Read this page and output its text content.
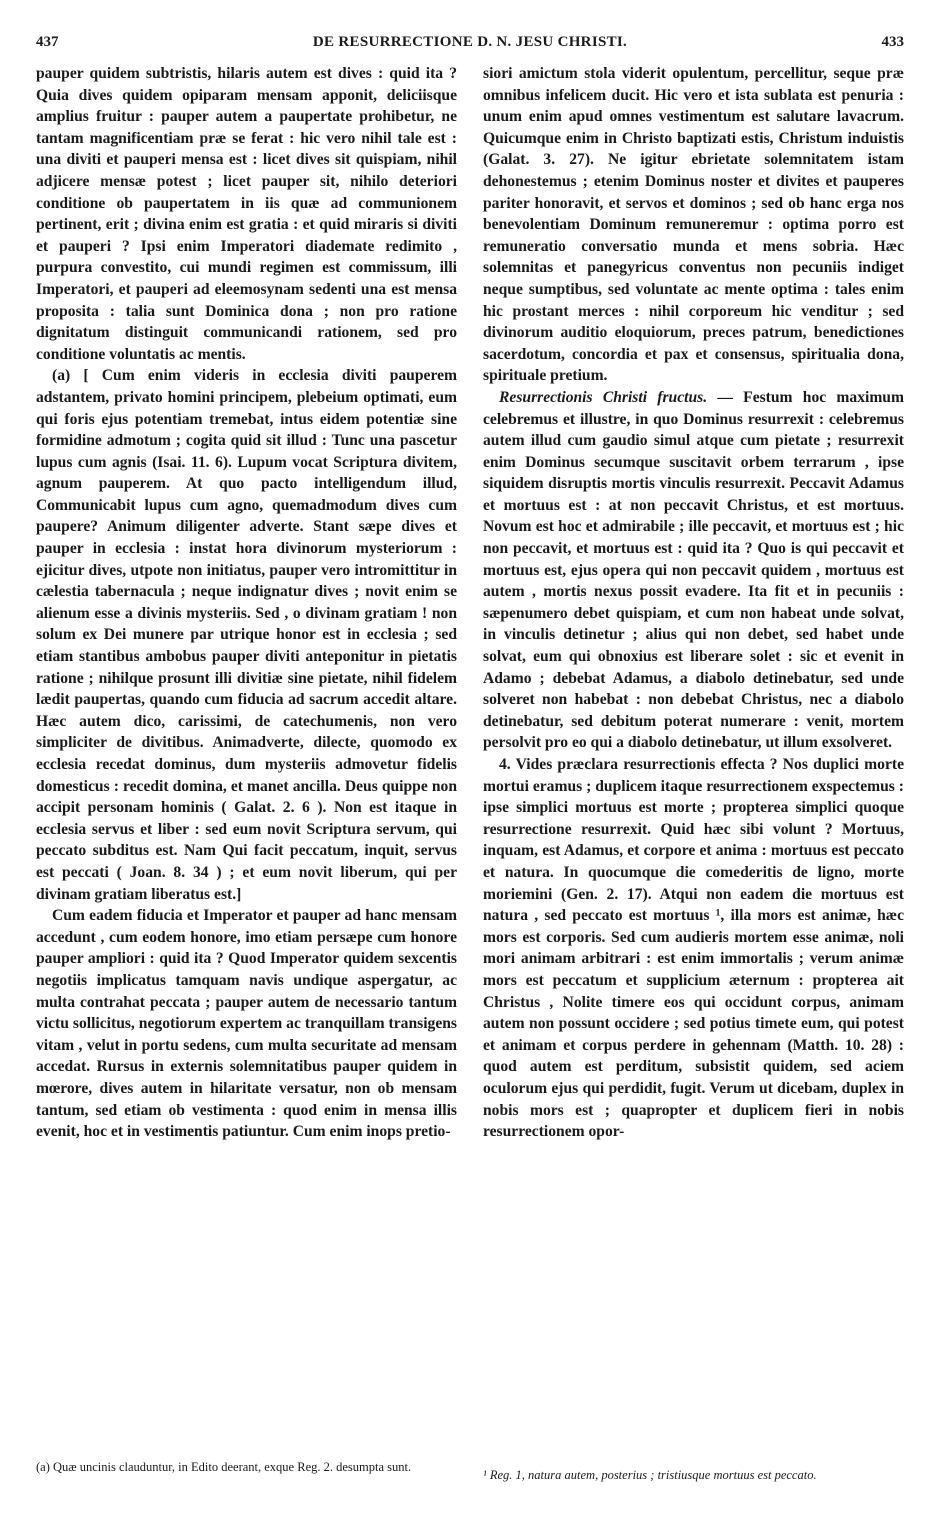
437	DE RESURRECTIONE D. N. JESU CHRISTI.	433

pauper quidem subtristis, hilaris autem est dives : quid ita ? Quia dives quidem opiparam mensam apponit, deliciisque amplius fruitur : pauper autem a paupertate prohibetur, ne tantam magnificentiam præ se ferat : hic vero nihil tale est : una diviti et pauperi mensa est : licet dives sit quispiam, nihil adjicere mensæ potest ; licet pauper sit, nihilo deteriori conditione ob paupertatem in iis quæ ad communionem pertinent, erit ; divina enim est gratia : et quid miraris si diviti et pauperi ? Ipsi enim Imperatori diademate redimito , purpura convestito, cui mundi regimen est commissum, illi Imperatori, et pauperi ad eleemosynam sedenti una est mensa proposita : talia sunt Dominica dona ; non pro ratione dignitatum distinguit communicandi rationem, sed pro conditione voluntatis ac mentis.

(a) [ Cum enim videris in ecclesia diviti pauperem adstantem, privato homini principem, plebeium optimati, eum qui foris ejus potentiam tremebat, intus eidem potentiæ sine formidine admotum ; cogita quid sit illud : Tunc una pascetur lupus cum agnis (Isai. 11. 6). Lupum vocat Scriptura divitem, agnum pauperem. At quo pacto intelligendum illud, Communicabit lupus cum agno, quemadmodum dives cum paupere? Animum diligenter adverte. Stant sæpe dives et pauper in ecclesia : instat hora divinorum mysteriorum : ejicitur dives, utpote non initiatus, pauper vero intromittitur in cælestia tabernacula ; neque indignatur dives ; novit enim se alienum esse a divinis mysteriis. Sed , o divinam gratiam ! non solum ex Dei munere par utrique honor est in ecclesia ; sed etiam stantibus ambobus pauper diviti anteponitur in pietatis ratione ; nihilque prosunt illi divitiæ sine pietate, nihil fidelem lædit paupertas, quando cum fiducia ad sacrum accedit altare. Hæc autem dico, carissimi, de catechumenis, non vero simpliciter de divitibus. Animadverte, dilecte, quomodo ex ecclesia recedat dominus, dum mysteriis admovetur fidelis domesticus : recedit domina, et manet ancilla. Deus quippe non accipit personam hominis ( Galat. 2. 6 ). Non est itaque in ecclesia servus et liber : sed eum novit Scriptura servum, qui peccato subditus est. Nam Qui facit peccatum, inquit, servus est peccati ( Joan. 8. 34 ) ; et eum novit liberum, qui per divinam gratiam liberatus est.]

Cum eadem fiducia et Imperator et pauper ad hanc mensam accedunt , cum eodem honore, imo etiam persæpe cum honore pauper ampliori : quid ita ? Quod Imperator quidem sexcentis negotiis implicatus tamquam navis undique aspergatur, ac multa contrahat peccata ; pauper autem de necessario tantum victu sollicitus, negotiorum expertem ac tranquillam transigens vitam , velut in portu sedens, cum multa securitate ad mensam accedat. Rursus in externis solemnitatibus pauper quidem in mœrore, dives autem in hilaritate versatur, non ob mensam tantum, sed etiam ob vestimenta : quod enim in mensa illis evenit, hoc et in vestimentis patiuntur. Cum enim inops pretio-

siori amictum stola viderit opulentum, percellitur, seque præ omnibus infelicem ducit. Hic vero et ista sublata est penuria : unum enim apud omnes vestimentum est salutare lavacrum. Quicumque enim in Christo baptizati estis, Christum induistis (Galat. 3. 27). Ne igitur ebrietate solemnitatem istam dehonestemus ; etenim Dominus noster et divites et pauperes pariter honoravit, et servos et dominos ; sed ob hanc erga nos benevolentiam Dominum remuneremur : optima porro est remuneratio conversatio munda et mens sobria. Hæc solemnitas et panegyricus conventus non pecuniis indiget neque sumptibus, sed voluntate ac mente optima : tales enim hic prostant merces : nihil corporeum hic venditur ; sed divinorum auditio eloquiorum, preces patrum, benedictiones sacerdotum, concordia et pax et consensus, spiritualia dona, spirituale pretium.

Resurrectionis Christi fructus. — Festum hoc maximum celebremus et illustre, in quo Dominus resurrexit : celebremus autem illud cum gaudio simul atque cum pietate ; resurrexit enim Dominus secumque suscitavit orbem terrarum , ipse siquidem disruptis mortis vinculis resurrexit. Peccavit Adamus et mortuus est : at non peccavit Christus, et est mortuus. Novum est hoc et admirabile ; ille peccavit, et mortuus est ; hic non peccavit, et mortuus est : quid ita ? Quo is qui peccavit et mortuus est, ejus opera qui non peccavit quidem , mortuus est autem , mortis nexus possit evadere. Ita fit et in pecuniis : sæpenumero debet quispiam, et cum non habeat unde solvat, in vinculis detinetur ; alius qui non debet, sed habet unde solvat, eum qui obnoxius est liberare solet : sic et evenit in Adamo ; debebat Adamus, a diabolo detinebatur, sed unde solveret non habebat : non debebat Christus, nec a diabolo detinebatur, sed debitum poterat numerare : venit, mortem persolvit pro eo qui a diabolo detinebatur, ut illum exsolveret.

4. Vides præclara resurrectionis effecta ? Nos duplici morte mortui eramus ; duplicem itaque resurrectionem exspectemus : ipse simplici mortuus est morte ; propterea simplici quoque resurrectione resurrexit. Quid hæc sibi volunt ? Mortuus, inquam, est Adamus, et corpore et anima : mortuus est peccato et natura. In quocumque die comederitis de ligno, morte moriemini (Gen. 2. 17). Atqui non eadem die mortuus est natura , sed peccato est mortuus ¹, illa mors est animæ, hæc mors est corporis. Sed cum audieris mortem esse animæ, noli mori animam arbitrari : est enim immortalis ; verum animæ mors est peccatum et supplicium æternum : propterea ait Christus , Nolite timere eos qui occidunt corpus, animam autem non possunt occidere ; sed potius timete eum, qui potest et animam et corpus perdere in gehennam (Matth. 10. 28) : quod autem est perditum, subsistit quidem, sed aciem oculorum ejus qui perdidit, fugit. Verum ut dicebam, duplex in nobis mors est ; quapropter et duplicem fieri in nobis resurrectionem opor-

(a) Quæ uncinis clauduntur, in Edito deerant, exque Reg. 2. desumpta sunt.
¹ Reg. 1, natura autem, posterius ; tristiusque mortuus est peccato.
